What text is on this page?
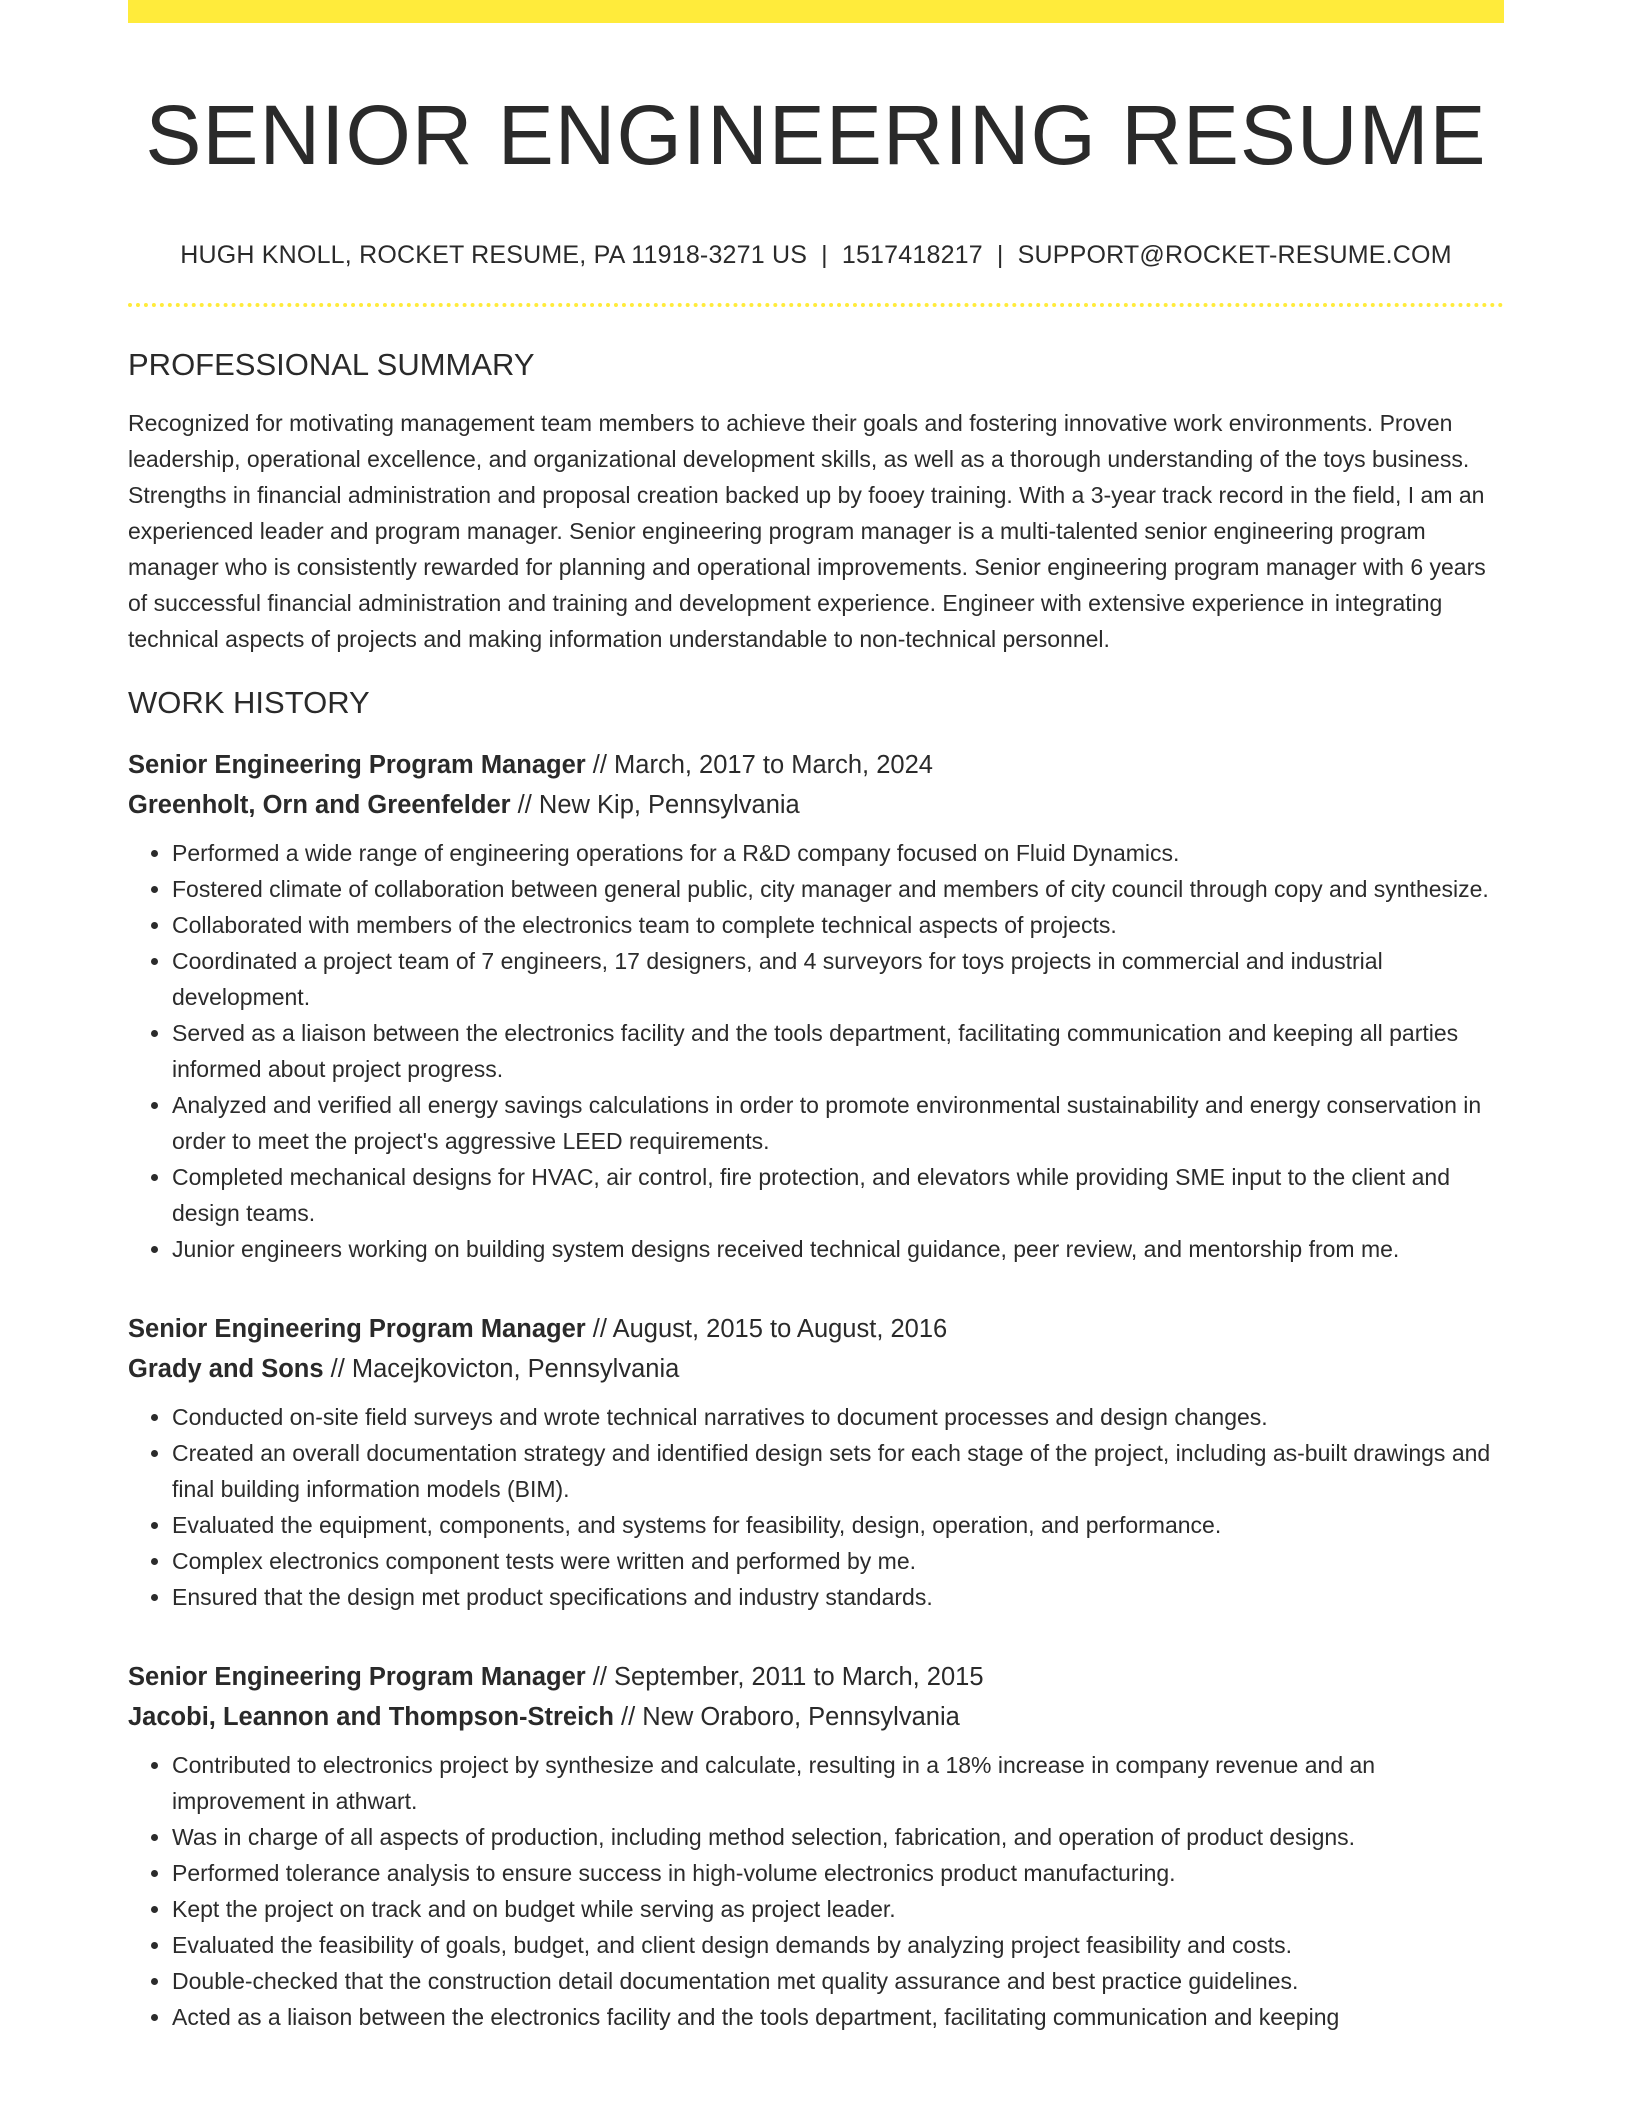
SENIOR ENGINEERING RESUME
HUGH KNOLL, ROCKET RESUME, PA 11918-3271 US | 1517418217 | SUPPORT@ROCKET-RESUME.COM
PROFESSIONAL SUMMARY

Recognized for motivating management team members to achieve their goals and fostering innovative work environments. Proven leadership, operational excellence, and organizational development skills, as well as a thorough understanding of the toys business. Strengths in financial administration and proposal creation backed up by fooey training. With a 3-year track record in the field, I am an experienced leader and program manager. Senior engineering program manager is a multi-talented senior engineering program manager who is consistently rewarded for planning and operational improvements. Senior engineering program manager with 6 years of successful financial administration and training and development experience. Engineer with extensive experience in integrating technical aspects of projects and making information understandable to non-technical personnel.

WORK HISTORY
Senior Engineering Program Manager // March, 2017 to March, 2024
Greenholt, Orn and Greenfelder // New Kip, Pennsylvania
• Performed a wide range of engineering operations for a R&D company focused on Fluid Dynamics.
• Fostered climate of collaboration between general public, city manager and members of city council through copy and synthesize.
• Collaborated with members of the electronics team to complete technical aspects of projects.
• Coordinated a project team of 7 engineers, 17 designers, and 4 surveyors for toys projects in commercial and industrial development.
• Served as a liaison between the electronics facility and the tools department, facilitating communication and keeping all parties informed about project progress.
• Analyzed and verified all energy savings calculations in order to promote environmental sustainability and energy conservation in order to meet the project's aggressive LEED requirements.
• Completed mechanical designs for HVAC, air control, fire protection, and elevators while providing SME input to the client and design teams.
• Junior engineers working on building system designs received technical guidance, peer review, and mentorship from me.
Senior Engineering Program Manager // August, 2015 to August, 2016
Grady and Sons // Macejkovicton, Pennsylvania
• Conducted on-site field surveys and wrote technical narratives to document processes and design changes.
• Created an overall documentation strategy and identified design sets for each stage of the project, including as-built drawings and final building information models (BIM).
• Evaluated the equipment, components, and systems for feasibility, design, operation, and performance.
• Complex electronics component tests were written and performed by me.
• Ensured that the design met product specifications and industry standards.
Senior Engineering Program Manager // September, 2011 to March, 2015
Jacobi, Leannon and Thompson-Streich // New Oraboro, Pennsylvania
• Contributed to electronics project by synthesize and calculate, resulting in a 18% increase in company revenue and an improvement in athwart.
• Was in charge of all aspects of production, including method selection, fabrication, and operation of product designs.
• Performed tolerance analysis to ensure success in high-volume electronics product manufacturing.
• Kept the project on track and on budget while serving as project leader.
• Evaluated the feasibility of goals, budget, and client design demands by analyzing project feasibility and costs.
• Double-checked that the construction detail documentation met quality assurance and best practice guidelines.
• Acted as a liaison between the electronics facility and the tools department, facilitating communication and keeping
